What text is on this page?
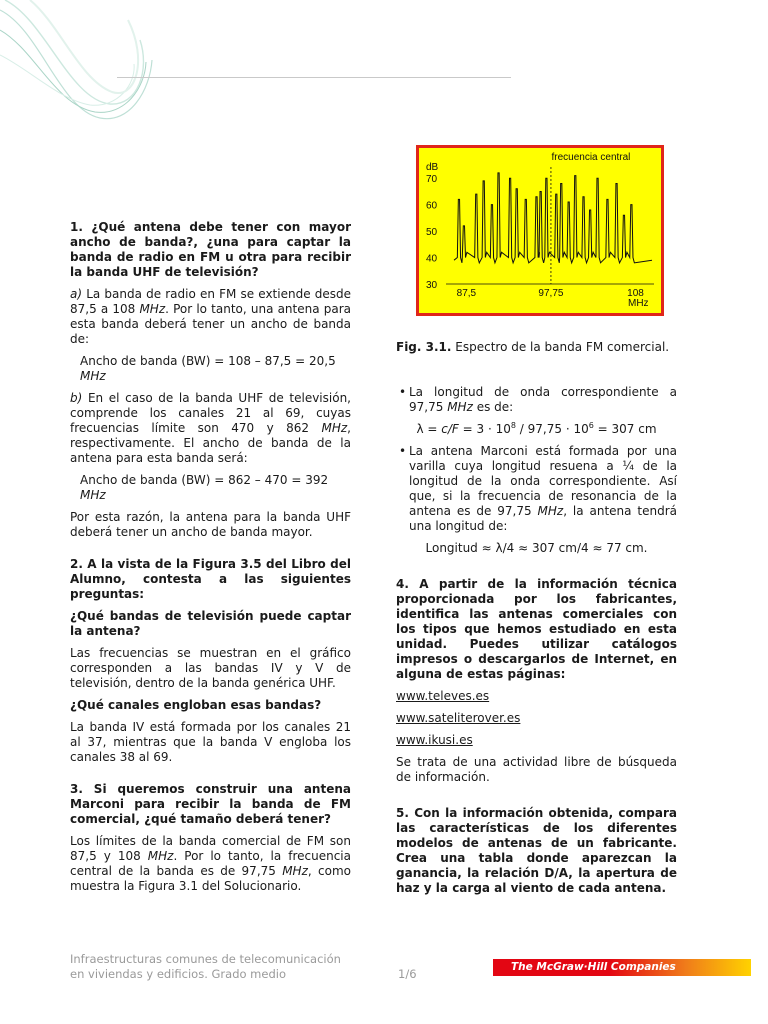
dB
30
40
50
60
70
87,5	97,75	108
frecuencia central
MHz
Fig. 3.1. Espectro de la banda FM comercial.

1. ¿Qué antena debe tener con mayor ancho de banda?, ¿una para captar la banda de radio en FM u otra para recibir la banda UHF de televisión?

a) La banda de radio en FM se extiende desde 87,5 a 108 MHz. Por lo tanto, una antena para esta banda deberá tener un ancho de banda de:

Ancho de banda (BW) = 108 – 87,5 = 20,5 MHz

b) En el caso de la banda UHF de televisión, comprende los canales 21 al 69, cuyas frecuencias límite son 470 y 862 MHz, respectivamente. El ancho de banda de la antena para esta banda será:

Ancho de banda (BW) = 862 – 470 = 392 MHz

Por esta razón, la antena para la banda UHF deberá tener un ancho de banda mayor.

2. A la vista de la Figura 3.5 del Libro del Alumno, contesta a las siguientes preguntas:

¿Qué bandas de televisión puede captar la antena?

Las frecuencias se muestran en el gráfico corresponden a las bandas IV y V de televisión, dentro de la banda genérica UHF.

¿Qué canales engloban esas bandas?

La banda IV está formada por los canales 21 al 37, mientras que la banda V engloba los canales 38 al 69.

3. Si queremos construir una antena Marconi para recibir la banda de FM comercial, ¿qué tamaño deberá tener?

Los límites de la banda comercial de FM son 87,5 y 108 MHz. Por lo tanto, la frecuencia central de la banda es de 97,75 MHz, como muestra la Figura 3.1 del Solucionario.

• La longitud de onda correspondiente a 97,75 MHz es de:

$\lambda = c/F = 3 \cdot 10^8 / 97,75 \cdot 10^6 = 307$ cm

• La antena Marconi está formada por una varilla cuya longitud resuena a ¼ de la longitud de la onda correspondiente. Así que, si la frecuencia de resonancia de la antena es de 97,75 MHz, la antena tendrá una longitud de:

Longitud ≈ λ/4 ≈ 307 cm/4 ≈ 77 cm.

4. A partir de la información técnica proporcionada por los fabricantes, identifica las antenas comerciales con los tipos que hemos estudiado en esta unidad. Puedes utilizar catálogos impresos o descargarlos de Internet, en alguna de estas páginas:

www.televes.es
www.sateliterover.es
www.ikusi.es

Se trata de una actividad libre de búsqueda de información.

5. Con la información obtenida, compara las características de los diferentes modelos de antenas de un fabricante. Crea una tabla donde aparezcan la ganancia, la relación D/A, la apertura de haz y la carga al viento de cada antena.

Infraestructuras comunes de telecomunicación
en viviendas y edificios. Grado medio	1/6	The McGraw·Hill Companies
